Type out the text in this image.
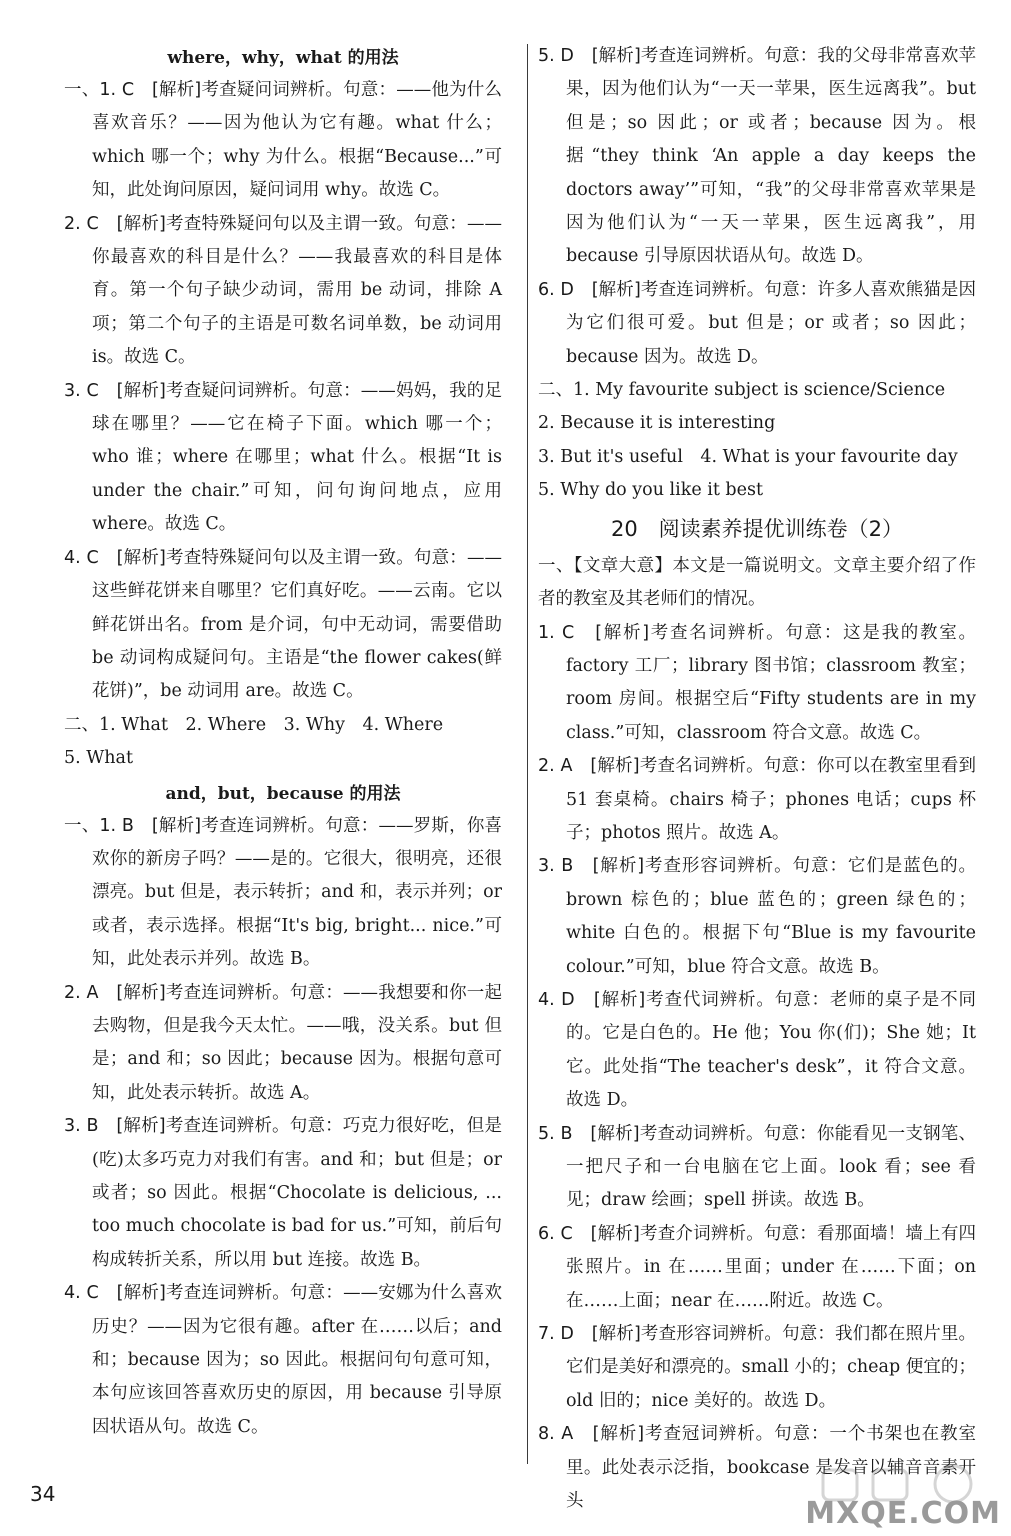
where，why，what 的用法

一、1. C　 [解析]考查疑问词辨析。句意：——他为什么喜欢音乐？——因为他认为它有趣。what 什么；which 哪一个；why 为什么。根据“Because...”可知，此处询问原因，疑问词用 why。故选 C。

2. C　 [解析]考查特殊疑问句以及主谓一致。句意：——你最喜欢的科目是什么？——我最喜欢的科目是体育。第一个句子缺少动词，需用 be 动词，排除 A 项；第二个句子的主语是可数名词单数，be 动词用 is。故选 C。

3. C　 [解析]考查疑问词辨析。句意：——妈妈，我的足球在哪里？——它在椅子下面。which 哪一个；who 谁；where 在哪里；what 什么。根据“It is under the chair.”可知，问句询问地点，应用 where。故选 C。

4. C　 [解析]考查特殊疑问句以及主谓一致。句意：——这些鲜花饼来自哪里？它们真好吃。——云南。它以鲜花饼出名。from 是介词，句中无动词，需要借助 be 动词构成疑问句。主语是“the flower cakes(鲜花饼)”，be 动词用 are。故选 C。

二、1. What　2. Where　3. Why　4. Where

5. What

and，but，because 的用法

一、1. B　 [解析]考查连词辨析。句意：——罗斯，你喜欢你的新房子吗？——是的。它很大，很明亮，还很漂亮。but 但是，表示转折；and 和，表示并列；or 或者，表示选择。根据“It's big, bright... nice.”可知，此处表示并列。故选 B。

2. A　 [解析]考查连词辨析。句意：——我想要和你一起去购物，但是我今天太忙。——哦，没关系。but 但是；and 和；so 因此；because 因为。根据句意可知，此处表示转折。故选 A。

3. B　 [解析]考查连词辨析。句意：巧克力很好吃，但是(吃)太多巧克力对我们有害。and 和；but 但是；or 或者；so 因此。根据“Chocolate is delicious, ... too much chocolate is bad for us.”可知，前后句构成转折关系，所以用 but 连接。故选 B。

4. C　 [解析]考查连词辨析。句意：——安娜为什么喜欢历史？——因为它很有趣。after 在……以后；and 和；because 因为；so 因此。根据问句句意可知，本句应该回答喜欢历史的原因，用 because 引导原因状语从句。故选 C。

5. D　 [解析]考查连词辨析。句意：我的父母非常喜欢苹果，因为他们认为“一天一苹果，医生远离我”。but 但是；so 因此；or 或者；because 因为。根据“they think ‘An apple a day keeps the doctors away’”可知，“我”的父母非常喜欢苹果是因为他们认为“一天一苹果，医生远离我”，用 because 引导原因状语从句。故选 D。

6. D　 [解析]考查连词辨析。句意：许多人喜欢熊猫是因为它们很可爱。but 但是；or 或者；so 因此；because 因为。故选 D。

二、1. My favourite subject is science/Science

2. Because it is interesting

3. But it's useful　4. What is your favourite day

5. Why do you like it best

20　阅读素养提优训练卷（2）

一、【文章大意】本文是一篇说明文。文章主要介绍了作者的教室及其老师们的情况。

1. C　 [解析]考查名词辨析。句意：这是我的教室。factory 工厂；library 图书馆；classroom 教室；room 房间。根据空后“Fifty students are in my class.”可知，classroom 符合文意。故选 C。

2. A　 [解析]考查名词辨析。句意：你可以在教室里看到 51 套桌椅。chairs 椅子；phones 电话；cups 杯子；photos 照片。故选 A。

3. B　 [解析]考查形容词辨析。句意：它们是蓝色的。brown 棕色的；blue 蓝色的；green 绿色的；white 白色的。根据下句“Blue is my favourite colour.”可知，blue 符合文意。故选 B。

4. D　 [解析]考查代词辨析。句意：老师的桌子是不同的。它是白色的。He 他；You 你(们)；She 她；It 它。此处指“The teacher's desk”，it 符合文意。故选 D。

5. B　 [解析]考查动词辨析。句意：你能看见一支钢笔、一把尺子和一台电脑在它上面。look 看；see 看见；draw 绘画；spell 拼读。故选 B。

6. C　 [解析]考查介词辨析。句意：看那面墙！墙上有四张照片。in 在……里面；under 在……下面；on 在……上面；near 在……附近。故选 C。

7. D　 [解析]考查形容词辨析。句意：我们都在照片里。它们是美好和漂亮的。small 小的；cheap 便宜的；old 旧的；nice 美好的。故选 D。

8. A　 [解析]考查冠词辨析。句意：一个书架也在教室里。此处表示泛指，bookcase 是发音以辅音音素开头

34
MXQE.COM
